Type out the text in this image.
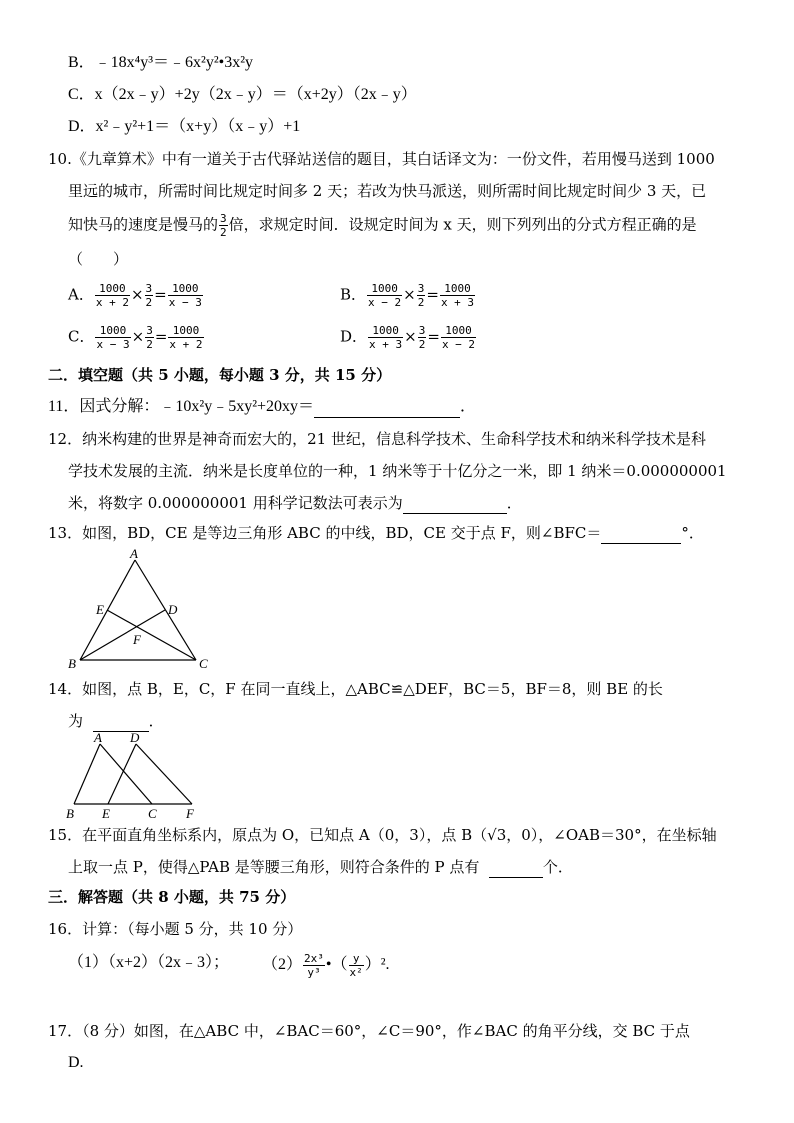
B．﹣18x⁴y³＝﹣6x²y²•3x²y
C．x（2x﹣y）+2y（2x﹣y）＝（x+2y）（2x﹣y）
D．x²﹣y²+1＝（x+y）（x﹣y）+1
10.《九章算术》中有一道关于古代驿站送信的题目，其白话译文为：一份文件，若用慢马送到 1000
里远的城市，所需时间比规定时间多 2 天；若改为快马派送，则所需时间比规定时间少 3 天，已
知快马的速度是慢马的 $\frac{3}{2}$ 倍，求规定时间．设规定时间为 x 天，则下列列出的分式方程正确的是
（　　）
A． $\frac{1000}{x + 2} \times \frac{3}{2} = \frac{1000}{x - 3}$	B． $\frac{1000}{x - 2} \times \frac{3}{2} = \frac{1000}{x + 3}$
C． $\frac{1000}{x - 3} \times \frac{3}{2} = \frac{1000}{x + 2}$	D． $\frac{1000}{x + 3} \times \frac{3}{2} = \frac{1000}{x - 2}$
二．填空题（共 5 小题，每小题 3 分，共 15 分）
11．因式分解：﹣10x²y﹣5xy²+20xy＝	．
12．纳米构建的世界是神奇而宏大的，21 世纪，信息科学技术、生命科学技术和纳米科学技术是科
学技术发展的主流．纳米是长度单位的一种，1 纳米等于十亿分之一米，即 1 纳米＝0.000000001
米，将数字 0.000000001 用科学记数法可表示为	．
13．如图，BD，CE 是等边三角形 ABC 的中线，BD，CE 交于点 F，则∠BFC＝	°．
A
B	C
D
E
F
14．如图，点 B，E，C，F 在同一直线上，△ABC≌△DEF，BC＝5，BF＝8，则 BE 的长
为	．
A D
B E	C F
15．在平面直角坐标系内，原点为 O，已知点 A（0，3），点 B（√3，0），∠OAB＝30°，在坐标轴
上取一点 P，使得△PAB 是等腰三角形，则符合条件的 P 点有	个．
三．解答题（共 8 小题，共 75 分）
16．计算：（每小题 5 分，共 10 分）
（1）（x+2）（2x﹣3）； $(2) \frac{\text{2x³}}{\text{y³}}$ •（ $\frac{y}{\text{x²}} )^2$.
17．（8 分）如图，在△ABC 中，∠BAC＝60°，∠C＝90°，作∠BAC 的角平分线，交 BC 于点
D.
